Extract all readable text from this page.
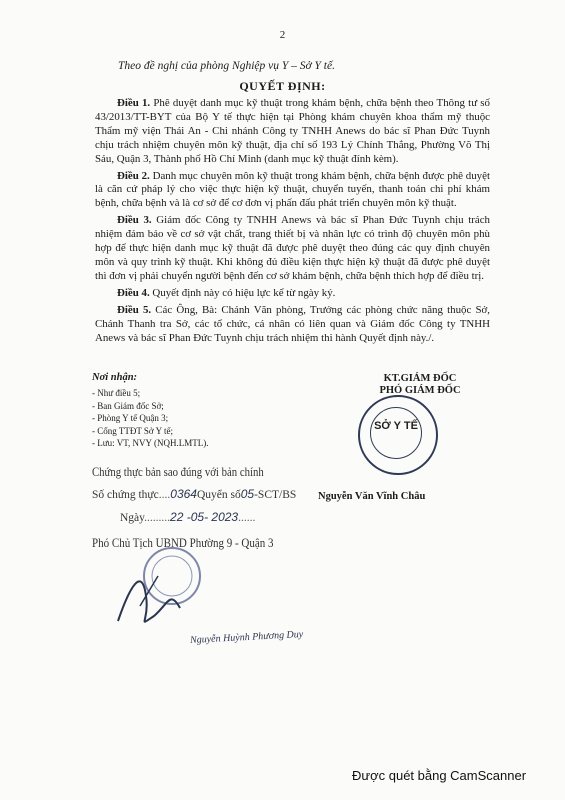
2
Theo đề nghị của phòng Nghiệp vụ Y – Sở Y tế.
QUYẾT ĐỊNH:

Điều 1. Phê duyệt danh mục kỹ thuật trong khám bệnh, chữa bệnh theo Thông tư số 43/2013/TT-BYT của Bộ Y tế thực hiện tại Phòng khám chuyên khoa thẩm mỹ thuộc Thẩm mỹ viện Thái An - Chi nhánh Công ty TNHH Anews do bác sĩ Phan Đức Tuynh chịu trách nhiệm chuyên môn kỹ thuật, địa chỉ số 193 Lý Chính Thắng, Phường Võ Thị Sáu, Quận 3, Thành phố Hồ Chí Minh (danh mục kỹ thuật đính kèm).

Điều 2. Danh mục chuyên môn kỹ thuật trong khám bệnh, chữa bệnh được phê duyệt là căn cứ pháp lý cho việc thực hiện kỹ thuật, chuyển tuyến, thanh toán chi phí khám bệnh, chữa bệnh và là cơ sở để cơ đơn vị phấn đấu phát triển chuyên môn kỹ thuật.

Điều 3. Giám đốc Công ty TNHH Anews và bác sĩ Phan Đức Tuynh chịu trách nhiệm đảm bảo về cơ sở vật chất, trang thiết bị và nhân lực có trình độ chuyên môn phù hợp để thực hiện danh mục kỹ thuật đã được phê duyệt theo đúng các quy định chuyên môn và quy trình kỹ thuật. Khi không đủ điều kiện thực hiện kỹ thuật đã được phê duyệt thì đơn vị phải chuyển người bệnh đến cơ sở khám bệnh, chữa bệnh thích hợp để điều trị.

Điều 4. Quyết định này có hiệu lực kể từ ngày ký.

Điều 5. Các Ông, Bà: Chánh Văn phòng, Trưởng các phòng chức năng thuộc Sở, Chánh Thanh tra Sở, các tổ chức, cá nhân có liên quan và Giám đốc Công ty TNHH Anews và bác sĩ Phan Đức Tuynh chịu trách nhiệm thi hành Quyết định này./.

Nơi nhận:
- Như điều 5;
- Ban Giám đốc Sở;
- Phòng Y tế Quận 3;
- Cổng TTĐT Sở Y tế;
- Lưu: VT, NVY (NQH.LMTL).
KT.GIÁM ĐỐC
PHÓ GIÁM ĐỐC
SỞ Y TẾ
Nguyễn Văn Vĩnh Châu
Chứng thực bản sao đúng với bản chính
Số chứng thực....0364Quyển số05-SCT/BS
Ngày.........22 -05- 2023......
Phó Chủ Tịch UBND Phường 9 - Quận 3
Nguyễn Huỳnh Phương Duy
Được quét bằng CamScanner
